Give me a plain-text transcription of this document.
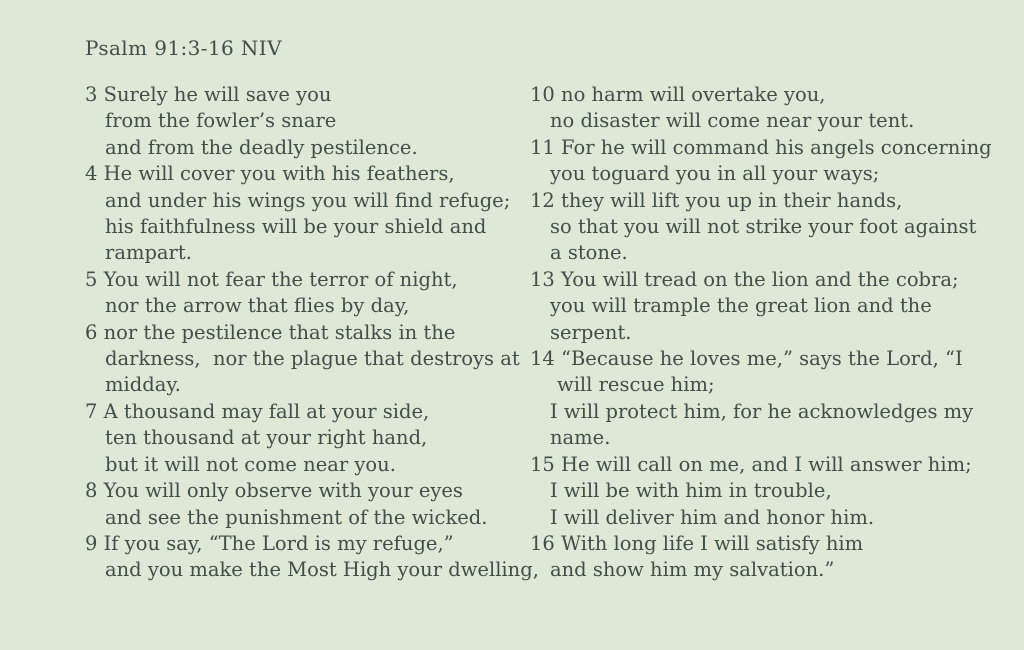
Psalm 91:3-16 NIV
3 Surely he will save you
from the fowler’s snare
and from the deadly pestilence.
4 He will cover you with his feathers,
and under his wings you will find refuge;
his faithfulness will be your shield and
rampart.
5 You will not fear the terror of night,
nor the arrow that flies by day,
6 nor the pestilence that stalks in the
darkness,  nor the plague that destroys at
midday.
7 A thousand may fall at your side,
ten thousand at your right hand,
but it will not come near you.
8 You will only observe with your eyes
and see the punishment of the wicked.
9 If you say, “The Lord is my refuge,”
and you make the Most High your dwelling,
10 no harm will overtake you,
no disaster will come near your tent.
11 For he will command his angels concerning
you toguard you in all your ways;
12 they will lift you up in their hands,
so that you will not strike your foot against
a stone.
13 You will tread on the lion and the cobra;
you will trample the great lion and the
serpent.
14 “Because he loves me,” says the Lord, “I
will rescue him;
I will protect him, for he acknowledges my
name.
15 He will call on me, and I will answer him;
I will be with him in trouble,
I will deliver him and honor him.
16 With long life I will satisfy him
and show him my salvation.”
